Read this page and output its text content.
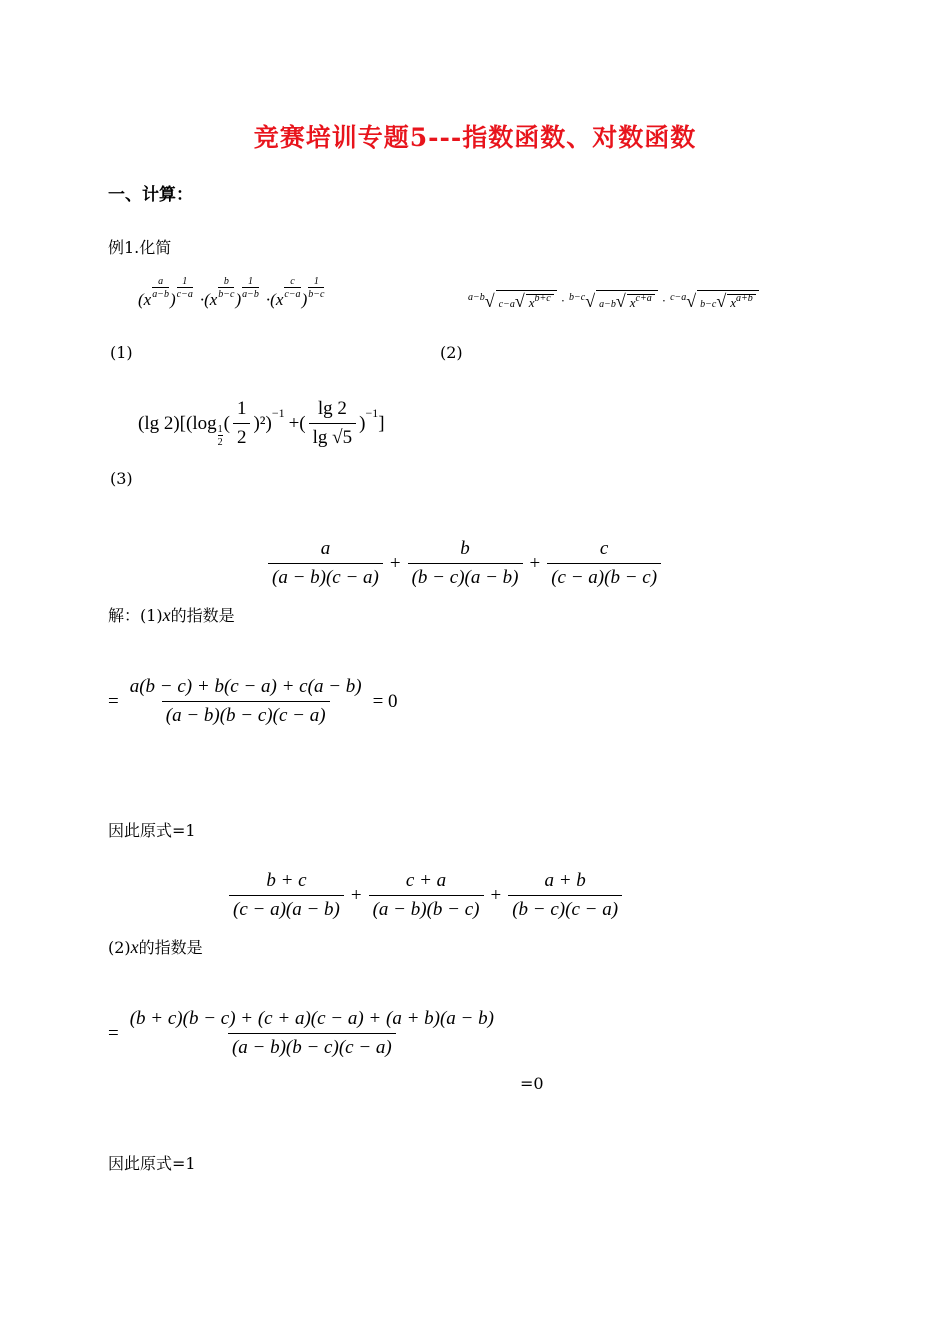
竞赛培训专题5---指数函数、对数函数
一、计算：
例1.化简
(x
a
a−b )
1
c−a ·(x
b
b−c )
1
a−b ·(x
c
c−a )
1
b−c	a−b √ c−a√ $x^{b+c} \cdot b-c$ √ a−b√ $x^{c+a} \cdot c-a$ √ b−c√ $x^{a+b}$
(1)	(2)
(lg 2)[(log 1
2
( $\frac{1}{2} )^2) -1$ +( $\frac{\lg 2}{\lg √5}$ ) −1 ]
(3)
$\frac{a}{(a - b)(c - a)} + \frac{b}{(b - c)(a - b)} + \frac{c}{(c - a)(b - c)}$
解：(1)x的指数是
= $\frac{a(b - c) + b(c - a) + c(a - b)}{(a - b)(b - c)(c - a)} = 0$
因此原式=1
$\frac{b + c}{(c - a)(a - b)} + \frac{c + a}{(a - b)(b - c)} + \frac{a + b}{(b - c)(c - a)}$
(2)x的指数是
= $\frac{(b + c)(b - c) + (c + a)(c - a) + (a + b)(a - b)}{(a - b)(b - c)(c - a)}$
=0
因此原式=1
